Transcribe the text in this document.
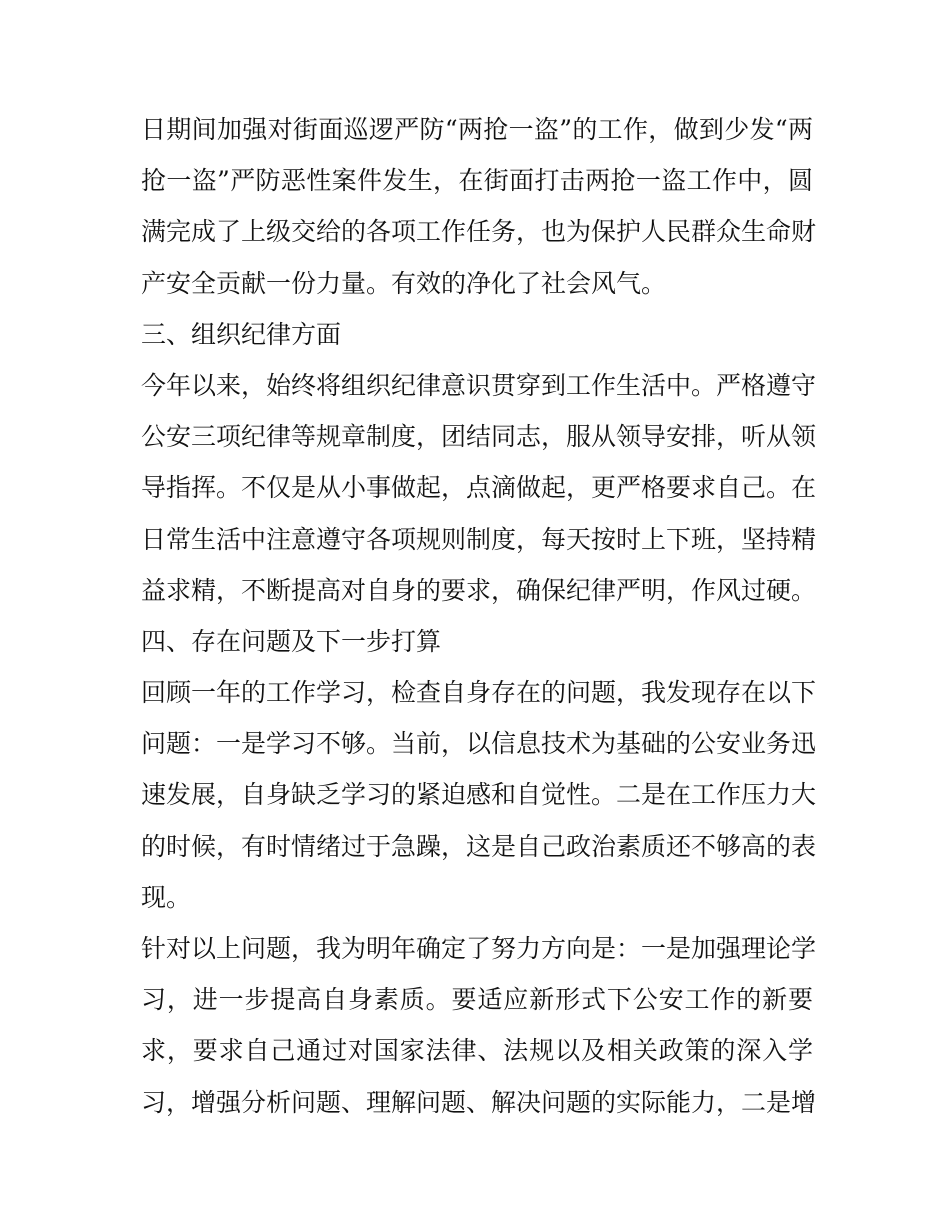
日期间加强对街面巡逻严防“两抢一盗”的工作，做到少发“两
抢一盗”严防恶性案件发生，在街面打击两抢一盗工作中，圆
满完成了上级交给的各项工作任务，也为保护人民群众生命财
产安全贡献一份力量。有效的净化了社会风气。
三、组织纪律方面
今年以来，始终将组织纪律意识贯穿到工作生活中。严格遵守
公安三项纪律等规章制度，团结同志，服从领导安排，听从领
导指挥。不仅是从小事做起，点滴做起，更严格要求自己。在
日常生活中注意遵守各项规则制度，每天按时上下班，坚持精
益求精，不断提高对自身的要求，确保纪律严明，作风过硬。
四、存在问题及下一步打算
回顾一年的工作学习，检查自身存在的问题，我发现存在以下
问题：一是学习不够。当前，以信息技术为基础的公安业务迅
速发展，自身缺乏学习的紧迫感和自觉性。二是在工作压力大
的时候，有时情绪过于急躁，这是自己政治素质还不够高的表
现。
针对以上问题，我为明年确定了努力方向是：一是加强理论学
习，进一步提高自身素质。要适应新形式下公安工作的新要
求，要求自己通过对国家法律、法规以及相关政策的深入学
习，增强分析问题、理解问题、解决问题的实际能力，二是增
